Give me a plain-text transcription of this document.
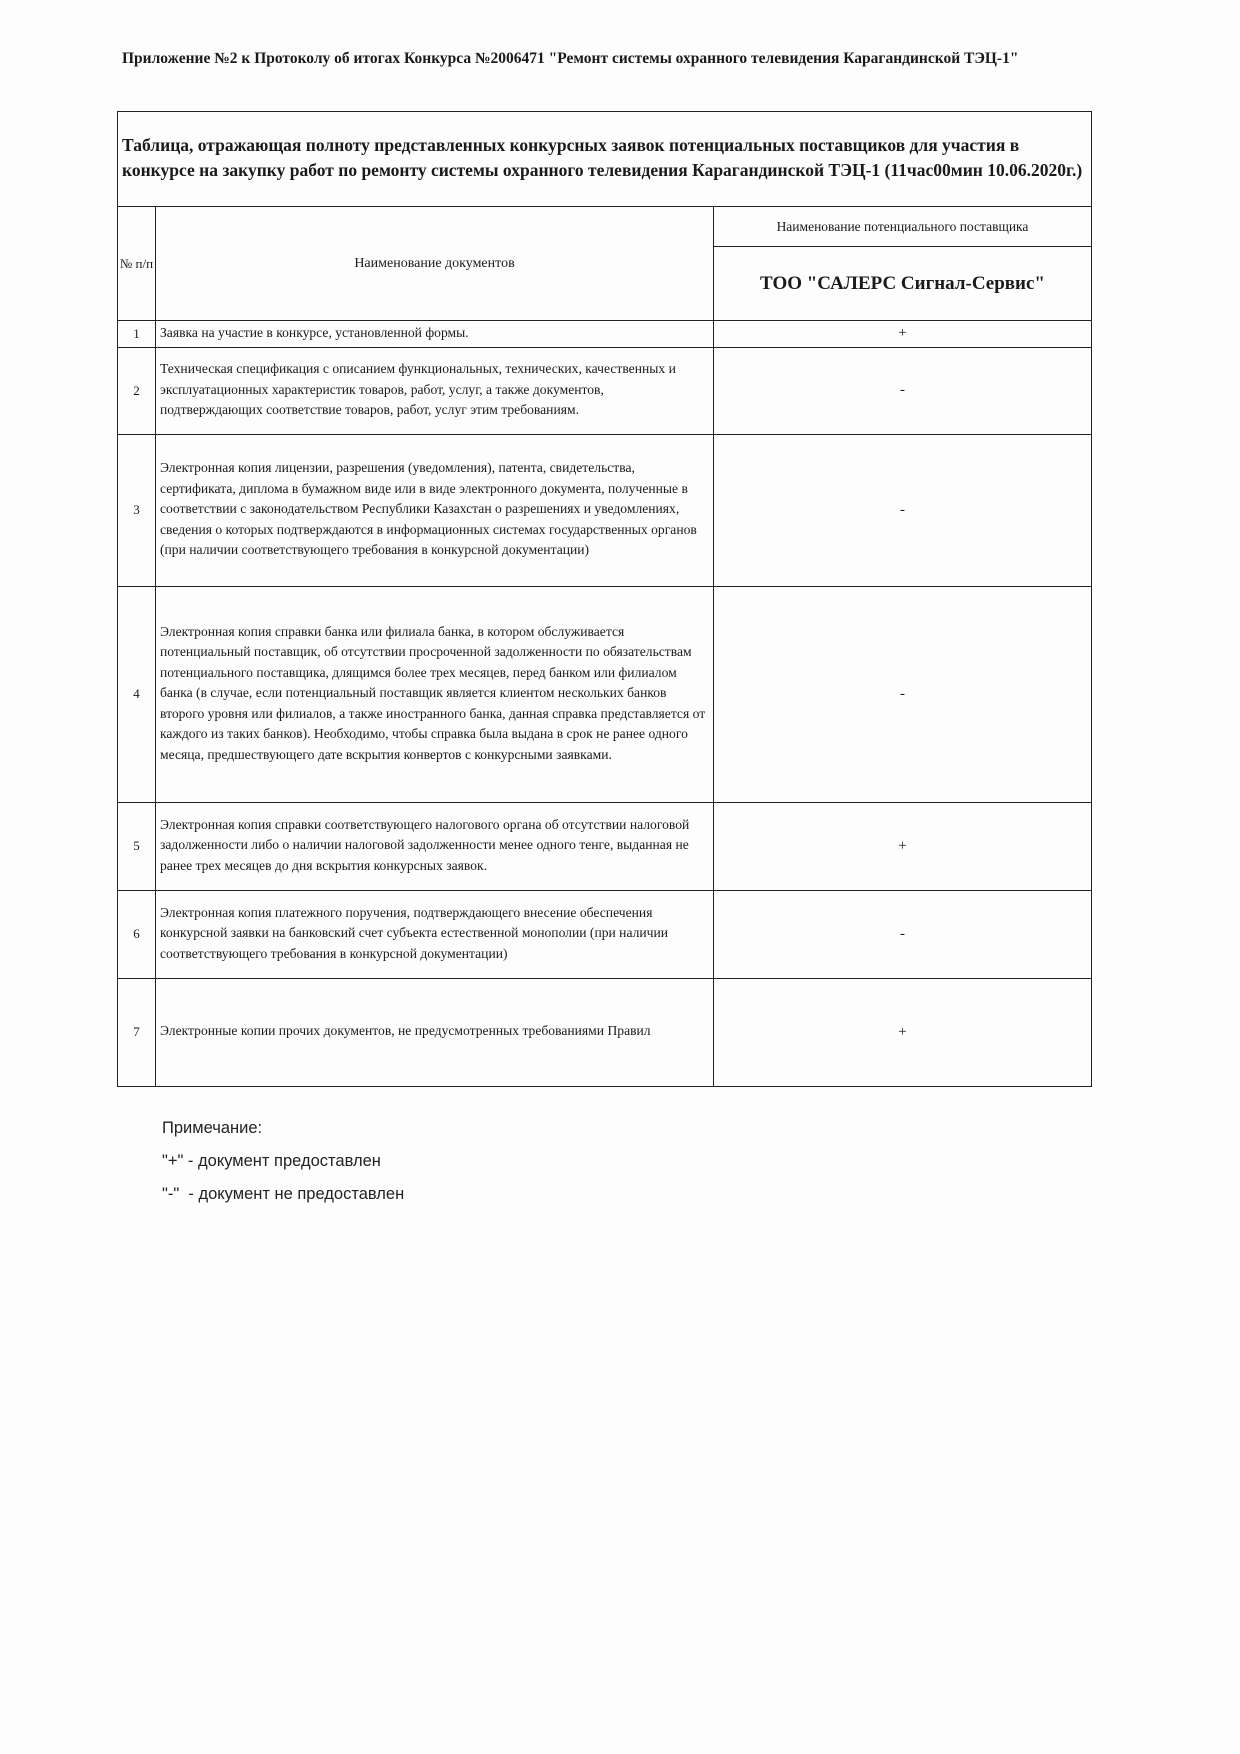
Приложение №2 к Протоколу об итогах Конкурса №2006471 "Ремонт системы охранного телевидения Карагандинской ТЭЦ-1"
Таблица, отражающая полноту представленных конкурсных заявок потенциальных поставщиков для участия в конкурсе на закупку работ по ремонту системы охранного телевидения Карагандинской ТЭЦ-1 (11час00мин 10.06.2020г.)		
№ п/п	Наименование документов	Наименование потенциального поставщика
		ТОО "САЛЕРС Сигнал-Сервис"
1	Заявка на участие в конкурсе, установленной формы.	+
2	Техническая спецификация с описанием функциональных, технических, качественных и эксплуатационных характеристик товаров, работ, услуг, а также документов, подтверждающих соответствие товаров, работ, услуг этим требованиям.	-
3	Электронная копия лицензии, разрешения (уведомления), патента, свидетельства, сертификата, диплома в бумажном виде или в виде электронного документа, полученные в соответствии с законодательством Республики Казахстан о разрешениях и уведомлениях, сведения о которых подтверждаются в информационных системах государственных органов (при наличии соответствующего требования в конкурсной документации)	-
4	Электронная копия справки банка или филиала банка, в котором обслуживается потенциальный поставщик, об отсутствии просроченной задолженности по обязательствам потенциального поставщика, длящимся более трех месяцев, перед банком или филиалом банка (в случае, если потенциальный поставщик является клиентом нескольких банков второго уровня или филиалов, а также иностранного банка, данная справка представляется от каждого из таких банков). Необходимо, чтобы справка была выдана в срок не ранее одного месяца, предшествующего дате вскрытия конвертов с конкурсными заявками.	-
5	Электронная копия справки соответствующего налогового органа об отсутствии налоговой задолженности либо о наличии налоговой задолженности менее одного тенге, выданная не ранее трех месяцев до дня вскрытия конкурсных заявок.	+
6	Электронная копия платежного поручения, подтверждающего внесение обеспечения конкурсной заявки на банковский счет субъекта естественной монополии (при наличии соответствующего требования в конкурсной документации)	-
7	Электронные копии прочих документов, не предусмотренных требованиями Правил	+
Примечание:
"+" - документ предоставлен
"-"  - документ не предоставлен
